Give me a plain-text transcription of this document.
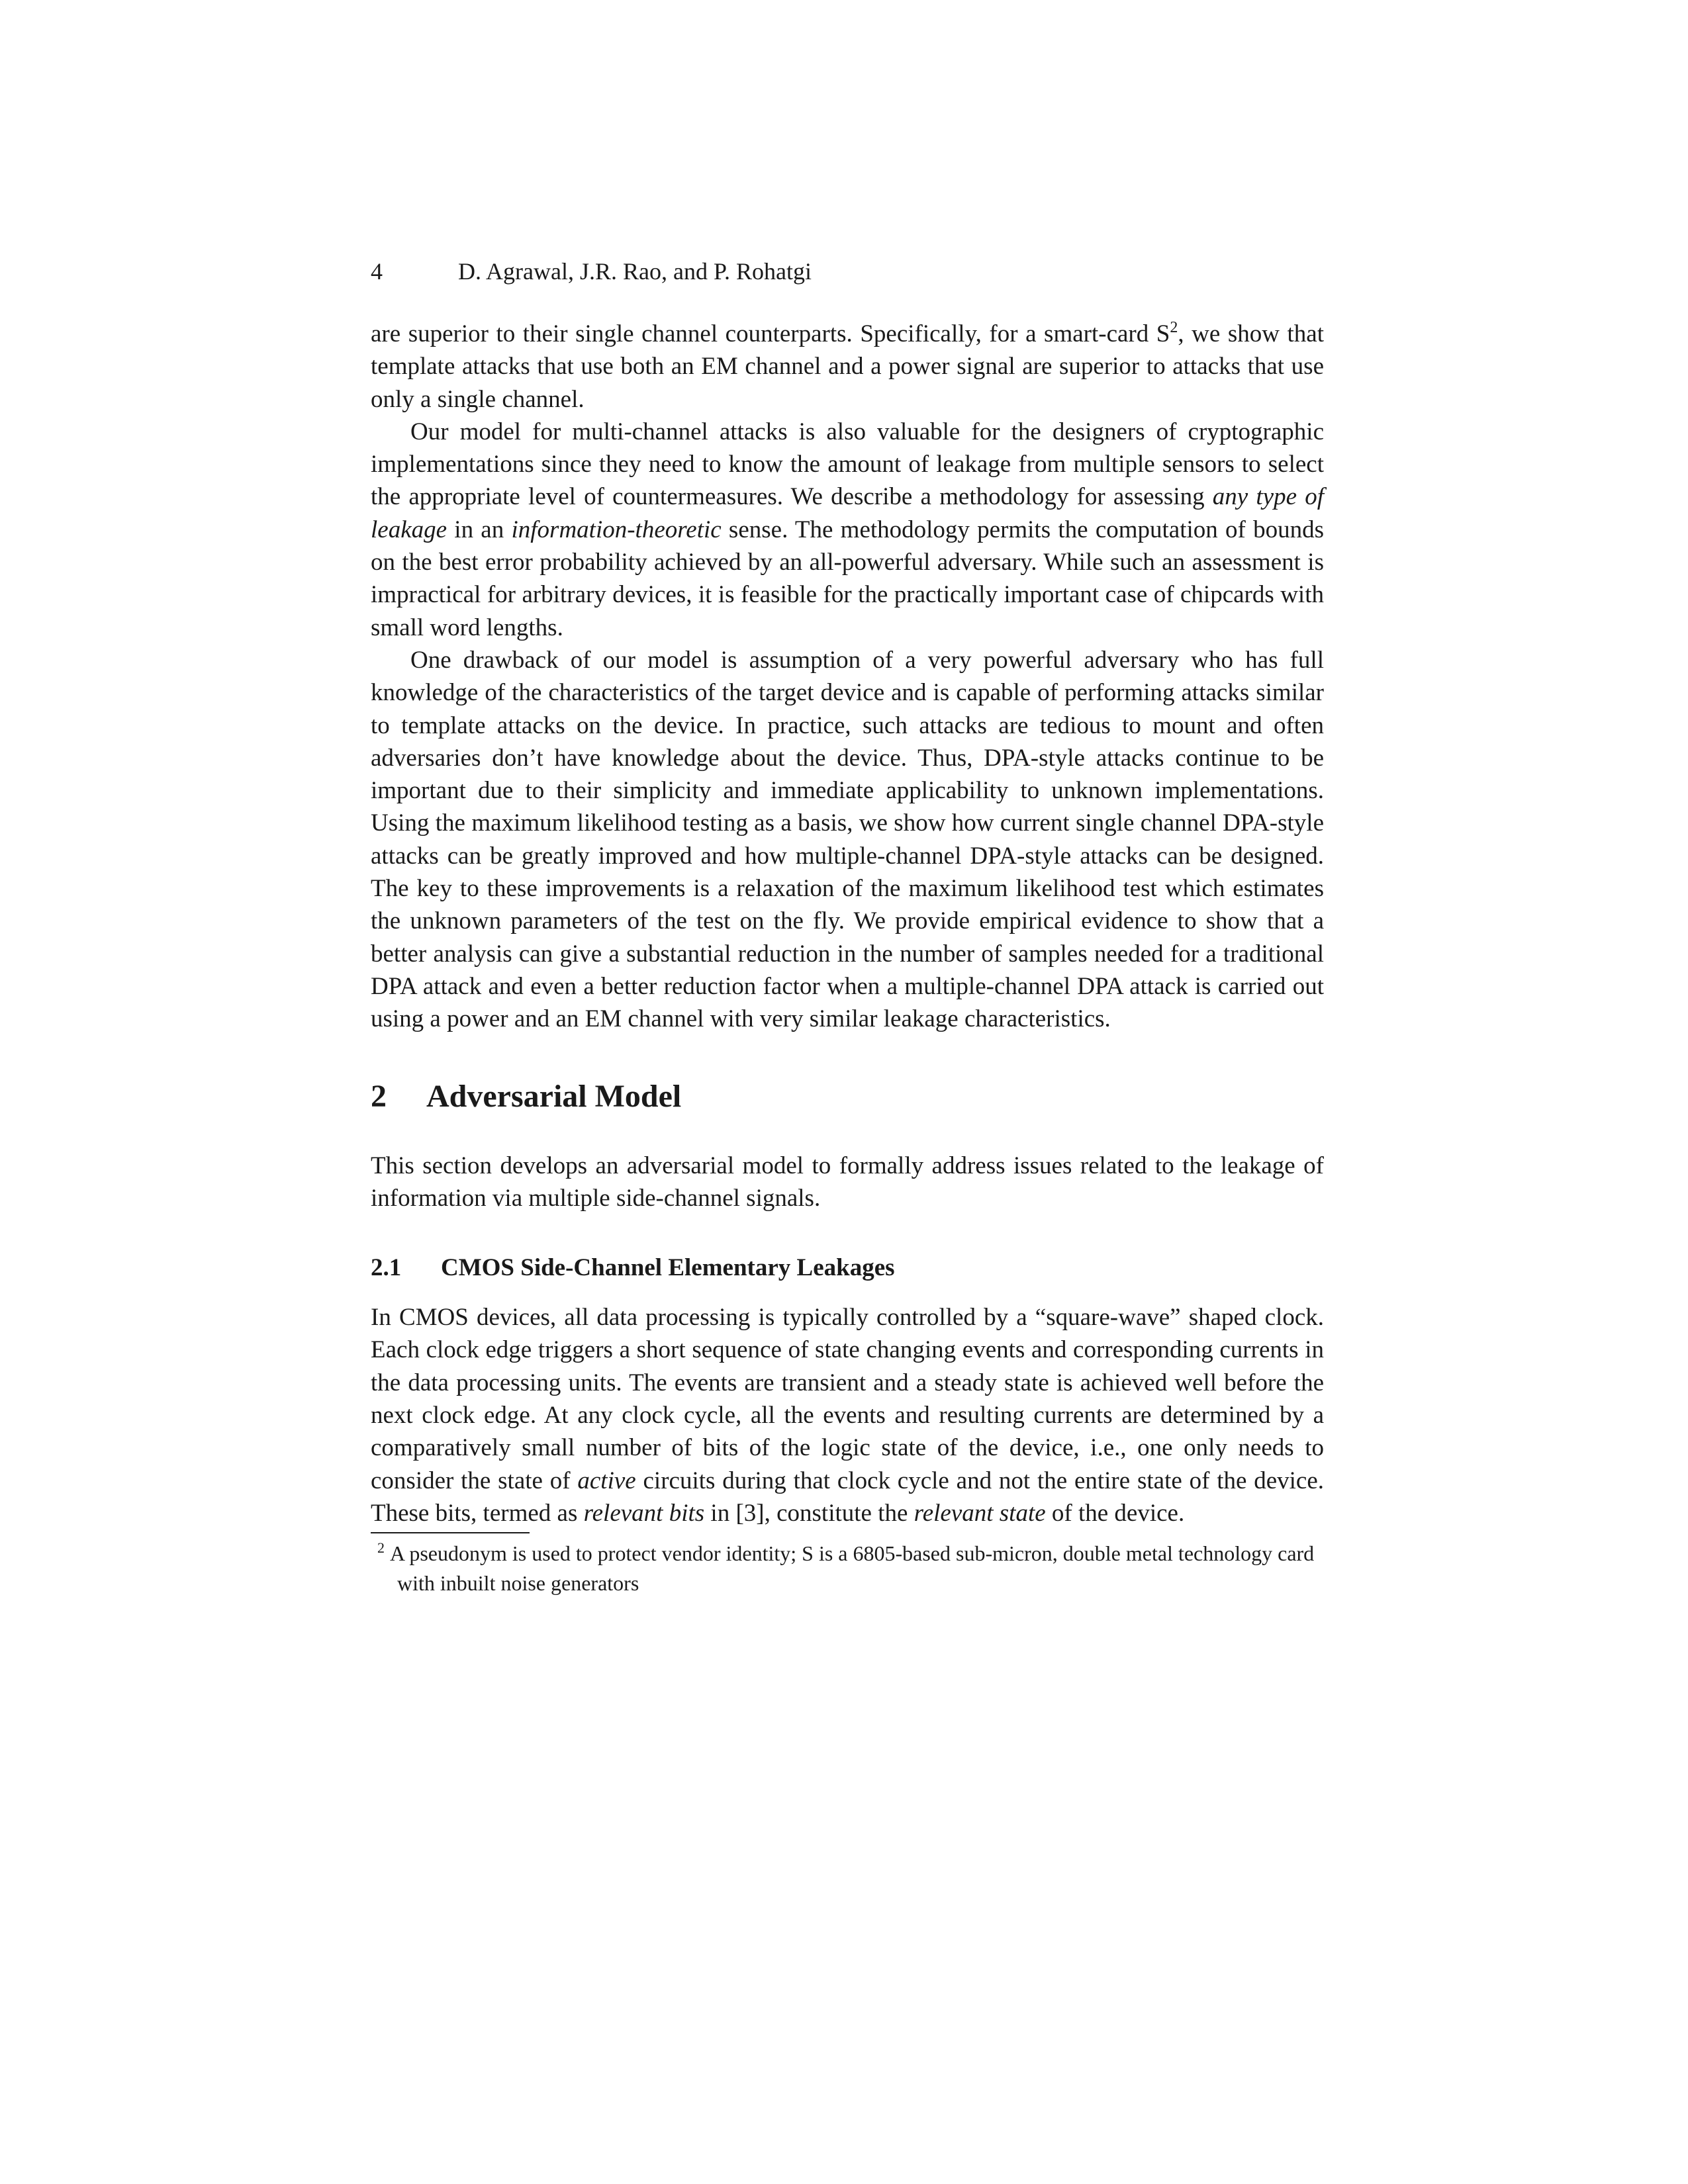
4	D. Agrawal, J.R. Rao, and P. Rohatgi

are superior to their single channel counterparts. Specifically, for a smart-card $S^2$, we show that template attacks that use both an EM channel and a power signal are superior to attacks that use only a single channel.

Our model for multi-channel attacks is also valuable for the designers of cryptographic implementations since they need to know the amount of leakage from multiple sensors to select the appropriate level of countermeasures. We describe a methodology for assessing any type of leakage in an information-theoretic sense. The methodology permits the computation of bounds on the best error probability achieved by an all-powerful adversary. While such an assessment is impractical for arbitrary devices, it is feasible for the practically important case of chipcards with small word lengths.

One drawback of our model is assumption of a very powerful adversary who has full knowledge of the characteristics of the target device and is capable of performing attacks similar to template attacks on the device. In practice, such attacks are tedious to mount and often adversaries don’t have knowledge about the device. Thus, DPA-style attacks continue to be important due to their simplicity and immediate applicability to unknown implementations. Using the maximum likelihood testing as a basis, we show how current single channel DPA-style attacks can be greatly improved and how multiple-channel DPA-style attacks can be designed. The key to these improvements is a relaxation of the maximum likelihood test which estimates the unknown parameters of the test on the fly. We provide empirical evidence to show that a better analysis can give a substantial reduction in the number of samples needed for a traditional DPA attack and even a better reduction factor when a multiple-channel DPA attack is carried out using a power and an EM channel with very similar leakage characteristics.

2 Adversarial Model

This section develops an adversarial model to formally address issues related to the leakage of information via multiple side-channel signals.

2.1 CMOS Side-Channel Elementary Leakages

In CMOS devices, all data processing is typically controlled by a “square-wave” shaped clock. Each clock edge triggers a short sequence of state changing events and corresponding currents in the data processing units. The events are transient and a steady state is achieved well before the next clock edge. At any clock cycle, all the events and resulting currents are determined by a comparatively small number of bits of the logic state of the device, i.e., one only needs to consider the state of active circuits during that clock cycle and not the entire state of the device. These bits, termed as relevant bits in [3], constitute the relevant state of the device.

$^2$ A pseudonym is used to protect vendor identity; S is a 6805-based sub-micron, double metal technology card with inbuilt noise generators
